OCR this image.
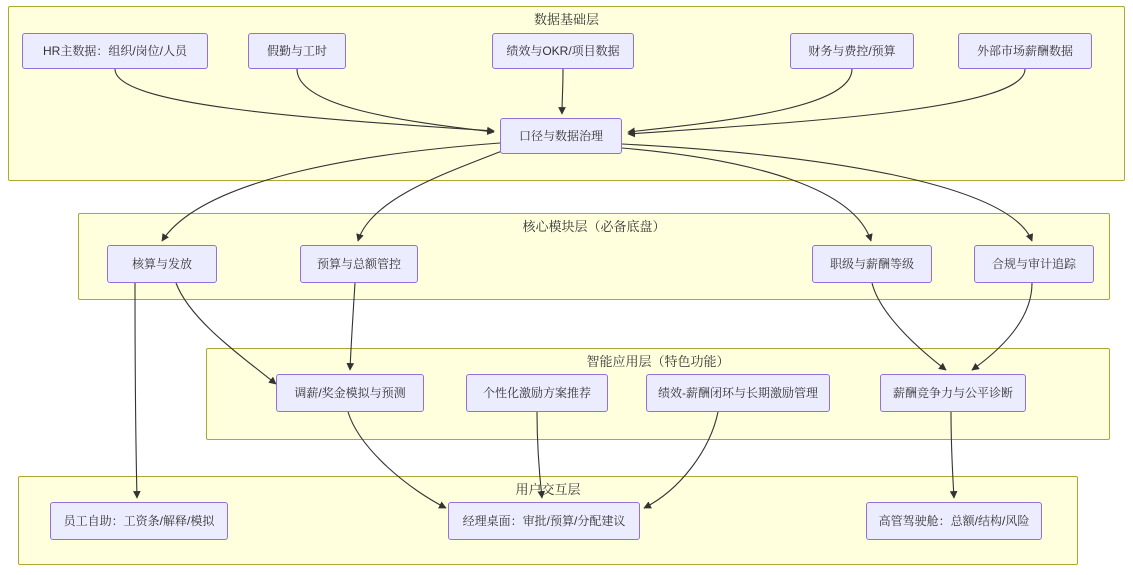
数据基础层
核心模块层（必备底盘）
智能应用层（特色功能）
用户交互层
HR主数据：组织/岗位/人员	假勤与工时	绩效与OKR/项目数据	财务与费控/预算	外部市场薪酬数据
口径与数据治理
核算与发放	预算与总额管控	职级与薪酬等级	合规与审计追踪
调薪/奖金模拟与预测	个性化激励方案推荐	绩效-薪酬闭环与长期激励管理	薪酬竞争力与公平诊断
员工自助：工资条/解释/模拟	经理桌面：审批/预算/分配建议	高管驾驶舱：总额/结构/风险
